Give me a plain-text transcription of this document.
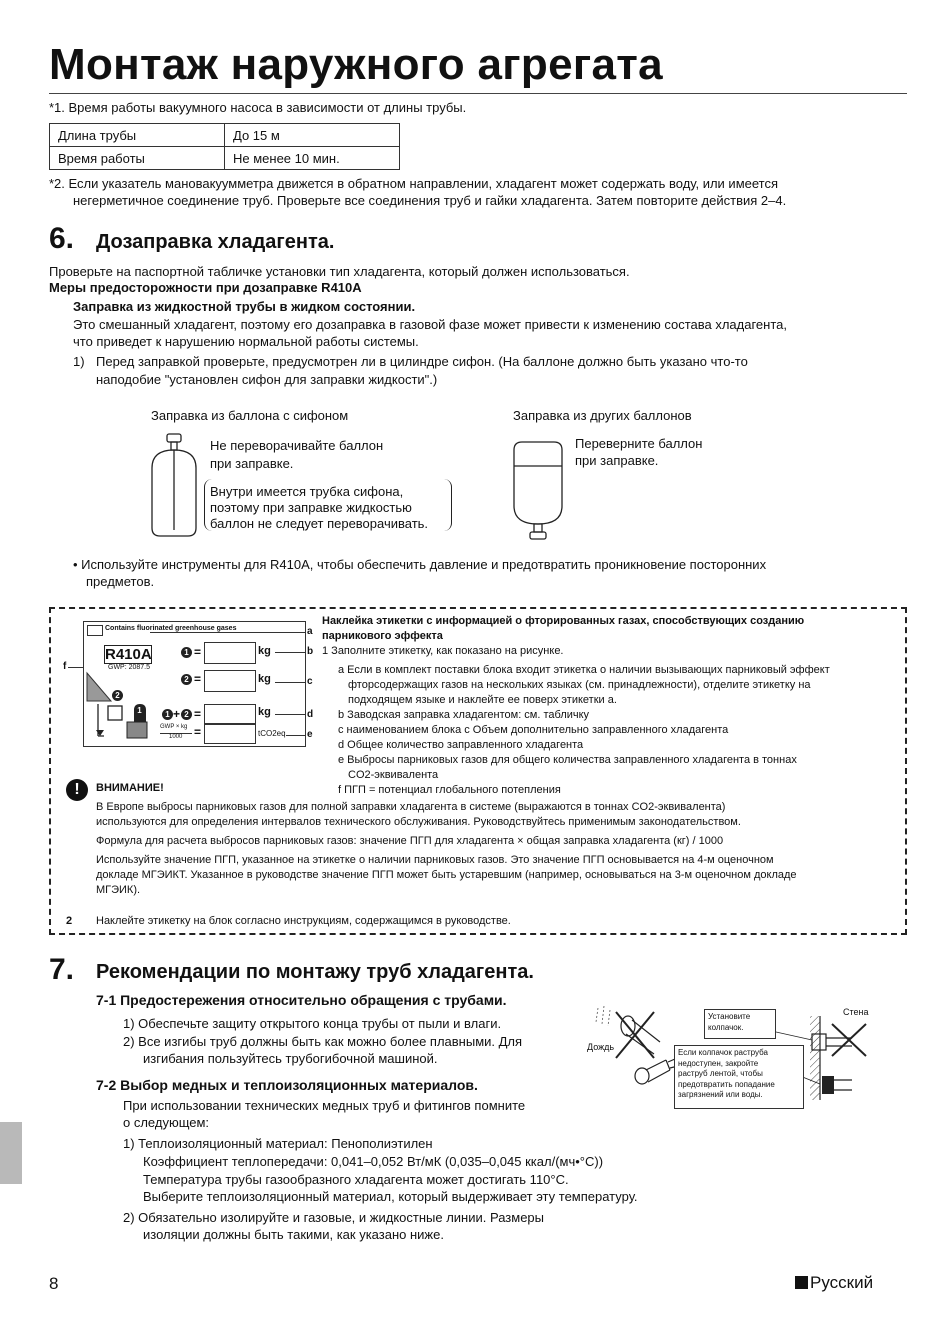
Монтаж наружного агрегата
*1. Время работы вакуумного насоса в зависимости от длины трубы.
Длина трубы	До 15 м
Время работы	Не менее 10 мин.
*2. Если указатель мановакуумметра движется в обратном направлении, хладагент может содержать воду, или имеется
негерметичное соединение труб. Проверьте все соединения труб и гайки хладагента. Затем повторите действия 2–4.
6. Дозаправка хладагента.
Проверьте на паспортной табличке установки тип хладагента, который должен использоваться.
Меры предосторожности при дозаправке R410A
Заправка из жидкостной трубы в жидком состоянии.
Это смешанный хладагент, поэтому его дозаправка в газовой фазе может привести к изменению состава хладагента,
что приведет к нарушению нормальной работы системы.
1) Перед заправкой проверьте, предусмотрен ли в цилиндре сифон. (На баллоне должно быть указано что-то
наподобие "установлен сифон для заправки жидкости".)
Заправка из баллона с сифоном
Не переворачивайте баллон
при заправке.
Внутри имеется трубка сифона,
поэтому при заправке жидкостью
баллон не следует переворачивать.
Заправка из других баллонов
Переверните баллон
при заправке.
• Используйте инструменты для R410A, чтобы обеспечить давление и предотвратить проникновение посторонних
предметов.
Contains fluorinated greenhouse gases
R410A
GWP: 2087.5
1 =	kg
2 =	kg
2
1	1 + 2 =	kg
GWP × kg
1000 =	tCO2eq
a
b
c
d
e
f
Наклейка этикетки с информацией о фторированных газах, способствующих созданию
парникового эффекта
1 Заполните этикетку, как показано на рисунке.
a Если в комплект поставки блока входит этикетка о наличии вызывающих парниковый эффект
фторсодержащих газов на нескольких языках (см. принадлежности), отделите этикетку на
подходящем языке и наклейте ее поверх этикетки a.
b Заводская заправка хладагентом: см. табличку
c наименованием блока с Объем дополнительно заправленного хладагента
d Общее количество заправленного хладагента
e Выбросы парниковых газов для общего количества заправленного хладагента в тоннах
CO2-эквивалента
f ПГП = потенциал глобального потепления
!	ВНИМАНИЕ!
В Европе выбросы парниковых газов для полной заправки хладагента в системе (выражаются в тоннах CO2-эквивалента)
используются для определения интервалов технического обслуживания. Руководствуйтесь применимым законодательством.
Формула для расчета выбросов парниковых газов: значение ПГП для хладагента × общая заправка хладагента (кг) / 1000
Используйте значение ПГП, указанное на этикетке о наличии парниковых газов. Это значение ПГП основывается на 4-м оценочном
докладе МГЭИКТ. Указанное в руководстве значение ПГП может быть устаревшим (например, основываться на 3-м оценочном докладе
МГЭИК).
2 Наклейте этикетку на блок согласно инструкциям, содержащимся в руководстве.
7. Рекомендации по монтажу труб хладагента.
7-1 Предостережения относительно обращения с трубами.
1) Обеспечьте защиту открытого конца трубы от пыли и влаги.
2) Все изгибы труб должны быть как можно более плавными. Для
изгибания пользуйтесь трубогибочной машиной.
7-2 Выбор медных и теплоизоляционных материалов.
При использовании технических медных труб и фитингов помните
о следующем:
1) Теплоизоляционный материал: Пенополиэтилен
Коэффициент теплопередачи: 0,041–0,052 Вт/мК (0,035–0,045 ккал/(мч•°C))
Температура трубы газообразного хладагента может достигать 110°C.
Выберите теплоизоляционный материал, который выдерживает эту температуру.
2) Обязательно изолируйте и газовые, и жидкостные линии. Размеры
изоляции должны быть такими, как указано ниже.
Установите
колпачок.
Стена
Дождь
Если колпачок раструба
недоступен, закройте
раструб лентой, чтобы
предотвратить попадание
загрязнений или воды.
8	Русский
